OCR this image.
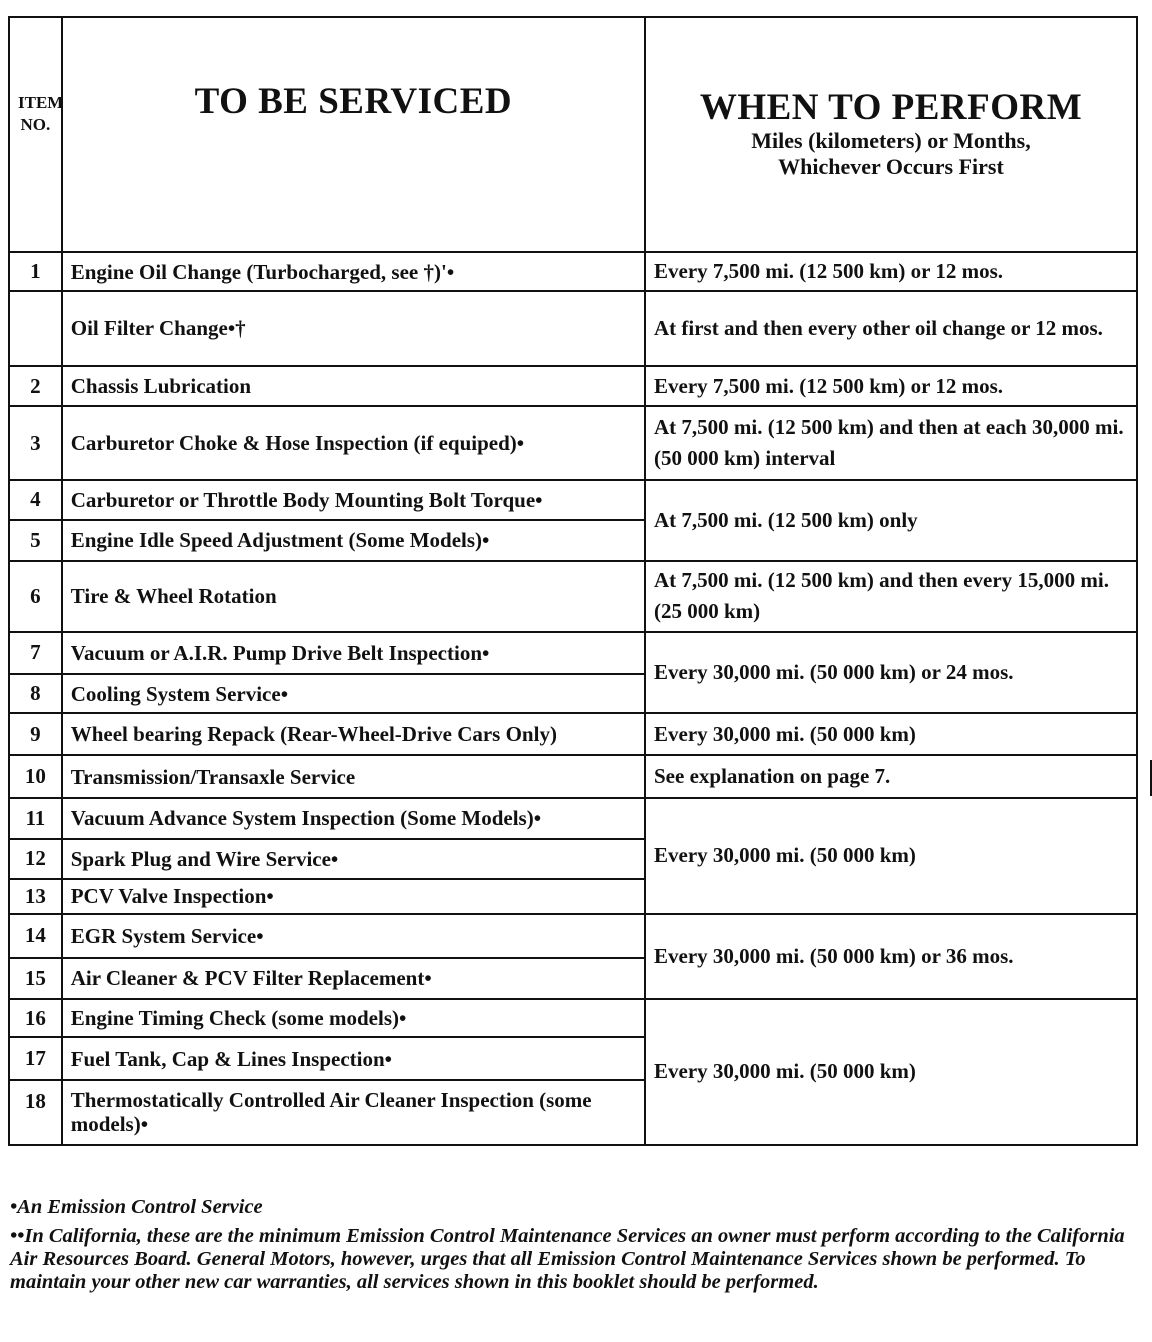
ITEM NO.	TO BE SERVICED	WHEN TO PERFORM
Miles (kilometers) or Months,
Whichever Occurs First

1	Engine Oil Change (Turbocharged, see †)'•	Every 7,500 mi. (12 500 km) or 12 mos.
	Oil Filter Change•†	At first and then every other oil change or 12 mos.
2	Chassis Lubrication	Every 7,500 mi. (12 500 km) or 12 mos.
3	Carburetor Choke & Hose Inspection (if equiped)•	At 7,500 mi. (12 500 km) and then at each 30,000 mi. (50 000 km) interval
4	Carburetor or Throttle Body Mounting Bolt Torque•	At 7,500 mi. (12 500 km) only
5	Engine Idle Speed Adjustment (Some Models)•	
6	Tire & Wheel Rotation	At 7,500 mi. (12 500 km) and then every 15,000 mi. (25 000 km)
7	Vacuum or A.I.R. Pump Drive Belt Inspection•	Every 30,000 mi. (50 000 km) or 24 mos.
8	Cooling System Service•	
9	Wheel bearing Repack (Rear-Wheel-Drive Cars Only)	Every 30,000 mi. (50 000 km)
10	Transmission/Transaxle Service	See explanation on page 7.
11	Vacuum Advance System Inspection (Some Models)•	Every 30,000 mi. (50 000 km)
12	Spark Plug and Wire Service•	
13	PCV Valve Inspection•	
14	EGR System Service•	Every 30,000 mi. (50 000 km) or 36 mos.
15	Air Cleaner & PCV Filter Replacement•	
16	Engine Timing Check (some models)•	Every 30,000 mi. (50 000 km)
17	Fuel Tank, Cap & Lines Inspection•	
18	Thermostatically Controlled Air Cleaner Inspection (some models)•	
•An Emission Control Service
••In California, these are the minimum Emission Control Maintenance Services an owner must perform according to the California Air Resources Board. General Motors, however, urges that all Emission Control Maintenance Services shown be performed. To maintain your other new car warranties, all services shown in this booklet should be performed.
